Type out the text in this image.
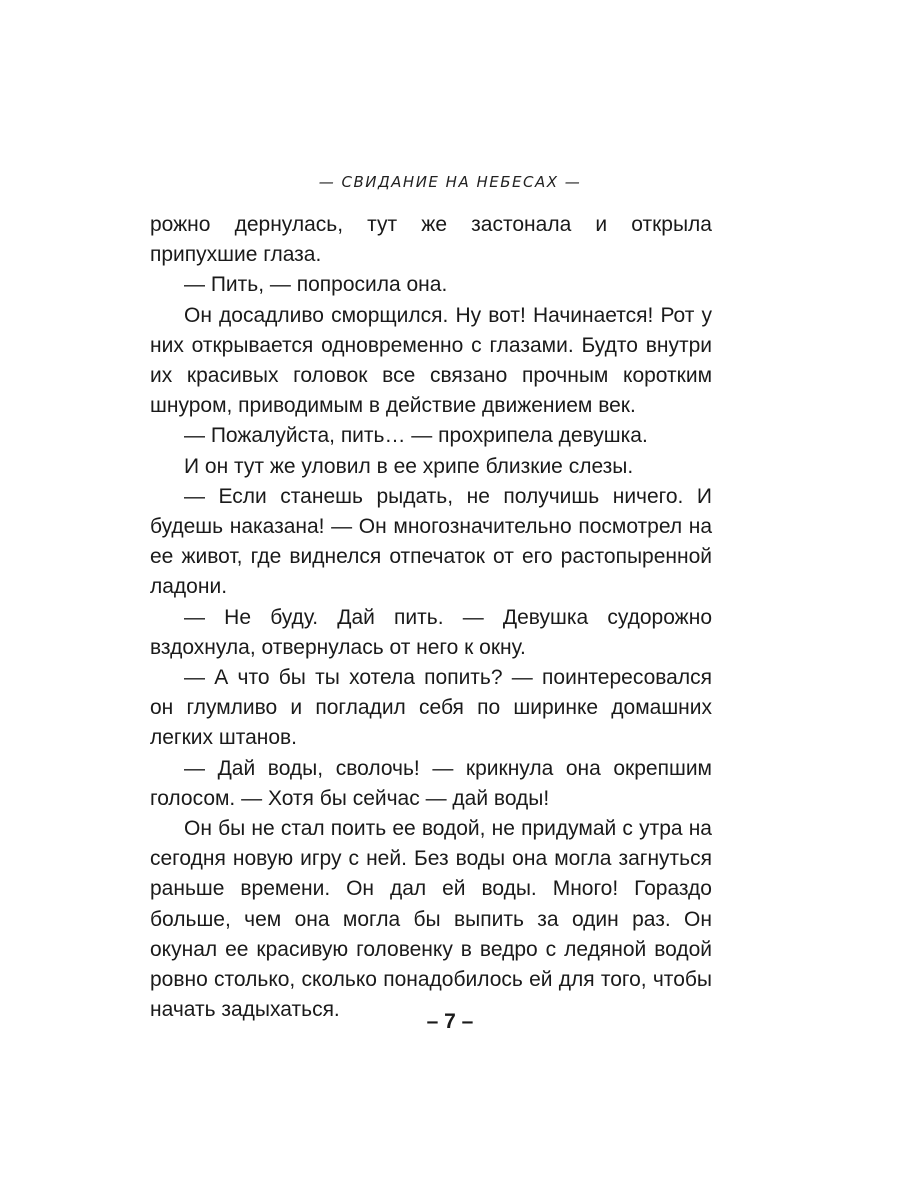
— СВИДАНИЕ НА НЕБЕСАХ —

рожно дернулась, тут же застонала и открыла припухшие глаза.

— Пить, — попросила она.

Он досадливо сморщился. Ну вот! Начинается! Рот у них открывается одновременно с глазами. Будто внутри их красивых головок все связано прочным коротким шнуром, приводимым в действие движением век.

— Пожалуйста, пить… — прохрипела девушка.

И он тут же уловил в ее хрипе близкие слезы.

— Если станешь рыдать, не получишь ничего. И будешь наказана! — Он многозначительно посмотрел на ее живот, где виднелся отпечаток от его растопыренной ладони.

— Не буду. Дай пить. — Девушка судорожно вздохнула, отвернулась от него к окну.

— А что бы ты хотела попить? — поинтересовался он глумливо и погладил себя по ширинке домашних легких штанов.

— Дай воды, сволочь! — крикнула она окрепшим голосом. — Хотя бы сейчас — дай воды!

Он бы не стал поить ее водой, не придумай с утра на сегодня новую игру с ней. Без воды она могла загнуться раньше времени. Он дал ей воды. Много! Гораздо больше, чем она могла бы выпить за один раз. Он окунал ее красивую головенку в ведро с ледяной водой ровно столько, сколько понадобилось ей для того, чтобы начать задыхаться.

– 7 –
